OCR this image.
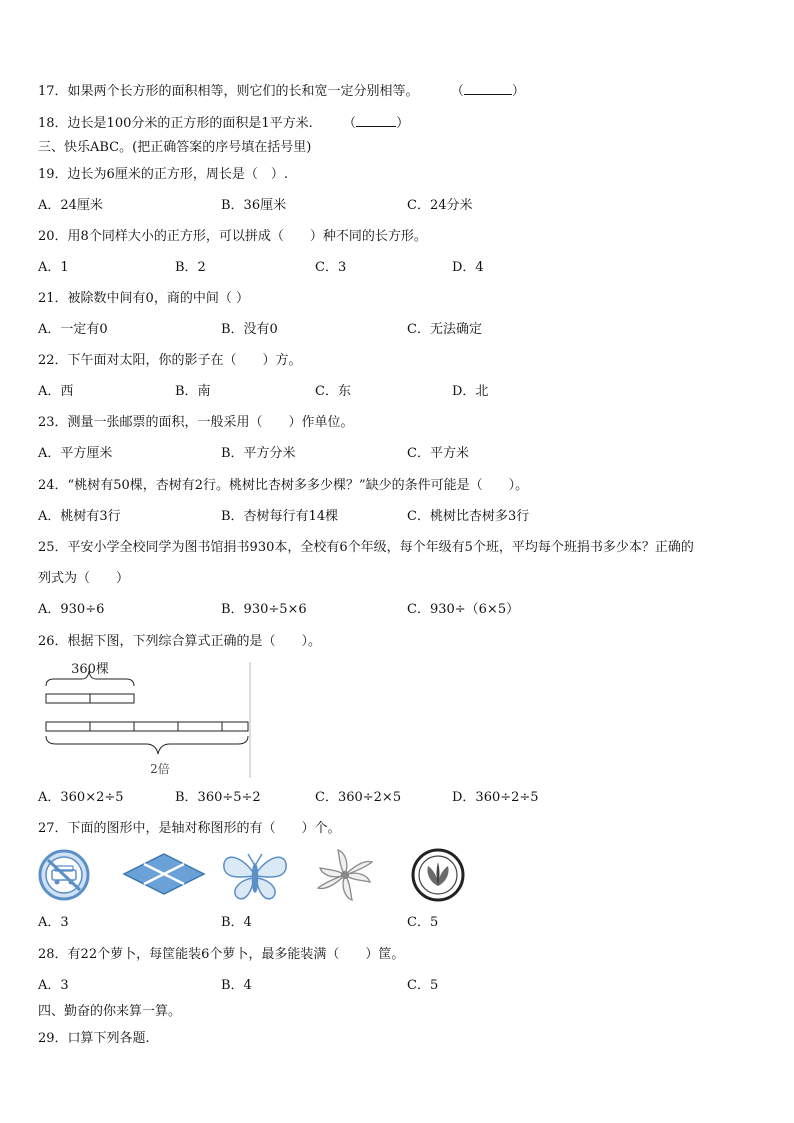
17．如果两个长方形的面积相等，则它们的长和宽一定分别相等。 （	）
18．边长是100分米的正方形的面积是1平方米. （	）
三、快乐ABC。(把正确答案的序号填在括号里)
19．边长为6厘米的正方形，周长是（　）.
A．24厘米	B．36厘米	C．24分米
20．用8个同样大小的正方形，可以拼成（　　）种不同的长方形。
A．1	B．2	C．3	D．4
21．被除数中间有0，商的中间（ ）
A．一定有0	B．没有0	C．无法确定
22．下午面对太阳，你的影子在（　　）方。
A．西	B．南	C．东	D．北
23．测量一张邮票的面积，一般采用（　　）作单位。
A．平方厘米	B．平方分米	C．平方米
24．“桃树有50棵，杏树有2行。桃树比杏树多多少棵？”缺少的条件可能是（　　）。
A．桃树有3行	B．杏树每行有14棵	C．桃树比杏树多3行
25．平安小学全校同学为图书馆捐书930本，全校有6个年级，每个年级有5个班，平均每个班捐书多少本？正确的
列式为（　　）
A．930÷6	B．930÷5×6	C．930÷（6×5）
26．根据下图，下列综合算式正确的是（　　）。
360棵
2倍
A．360×2÷5	B．360÷5÷2	C．360÷2×5	D．360÷2÷5
27．下面的图形中，是轴对称图形的有（　　）个。
A．3	B．4	C．5
28．有22个萝卜，每筐能装6个萝卜，最多能装满（　　）筐。
A．3	B．4	C．5
四、勤奋的你来算一算。
29．口算下列各题.
